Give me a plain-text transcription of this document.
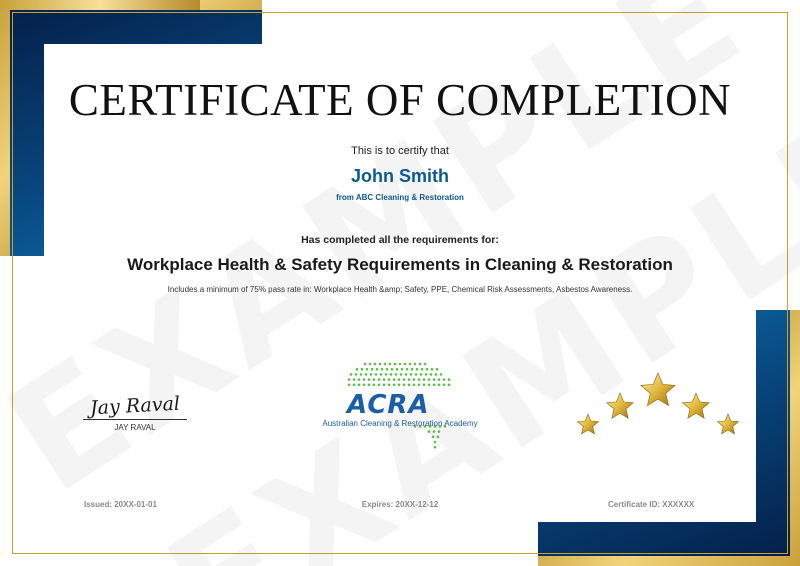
CERTIFICATE OF COMPLETION
This is to certify that
John Smith
from ABC Cleaning & Restoration
Has completed all the requirements for:
Workplace Health & Safety Requirements in Cleaning & Restoration
Includes a minimum of 75% pass rate in: Workplace Health &amp; Safety, PPE, Chemical Risk Assessments, Asbestos Awareness.
Jay Raval
JAY RAVAL
ACRA
Australian Cleaning & Restoration Academy
Issued: 20XX-01-01	Expires: 20XX-12-12	Certificate ID: XXXXXX
